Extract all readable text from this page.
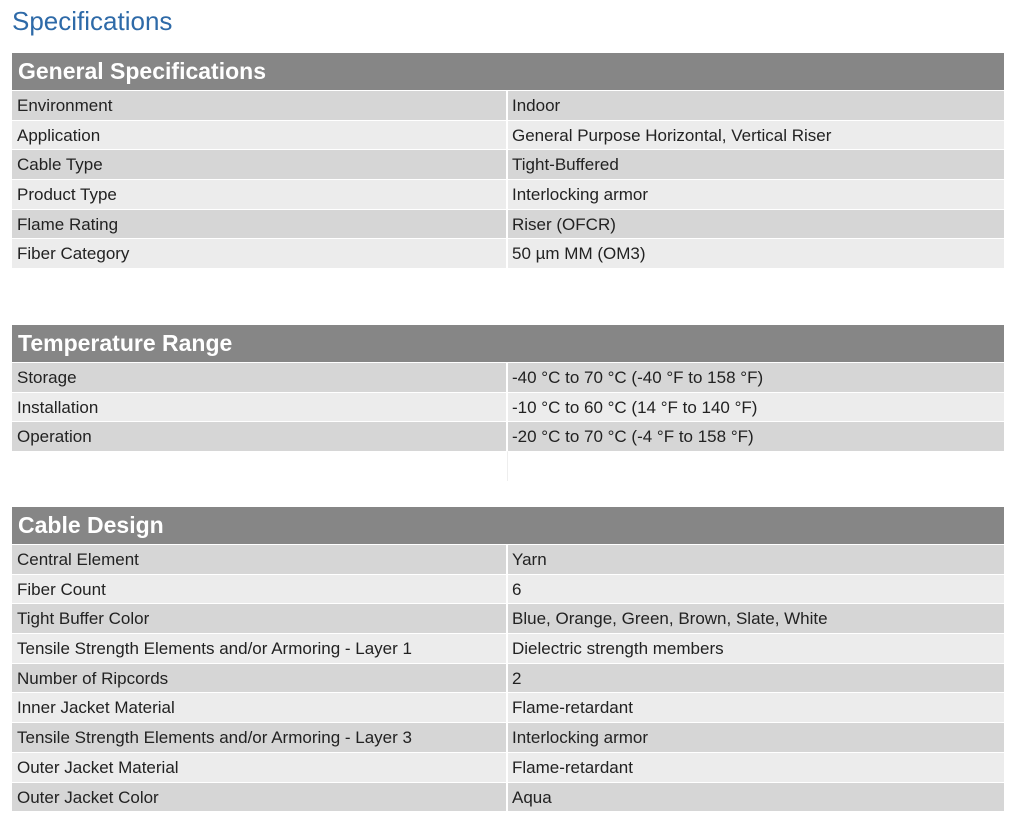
Specifications
General Specifications
Environment	Indoor
Application	General Purpose Horizontal, Vertical Riser
Cable Type	Tight-Buffered
Product Type	Interlocking armor
Flame Rating	Riser (OFCR)
Fiber Category	50 µm MM (OM3)
Temperature Range
Storage	-40 °C to 70 °C (-40 °F to 158 °F)
Installation	-10 °C to 60 °C (14 °F to 140 °F)
Operation	-20 °C to 70 °C (-4 °F to 158 °F)
Cable Design
Central Element	Yarn
Fiber Count	6
Tight Buffer Color	Blue, Orange, Green, Brown, Slate, White
Tensile Strength Elements and/or Armoring - Layer 1	Dielectric strength members
Number of Ripcords	2
Inner Jacket Material	Flame-retardant
Tensile Strength Elements and/or Armoring - Layer 3	Interlocking armor
Outer Jacket Material	Flame-retardant
Outer Jacket Color	Aqua
